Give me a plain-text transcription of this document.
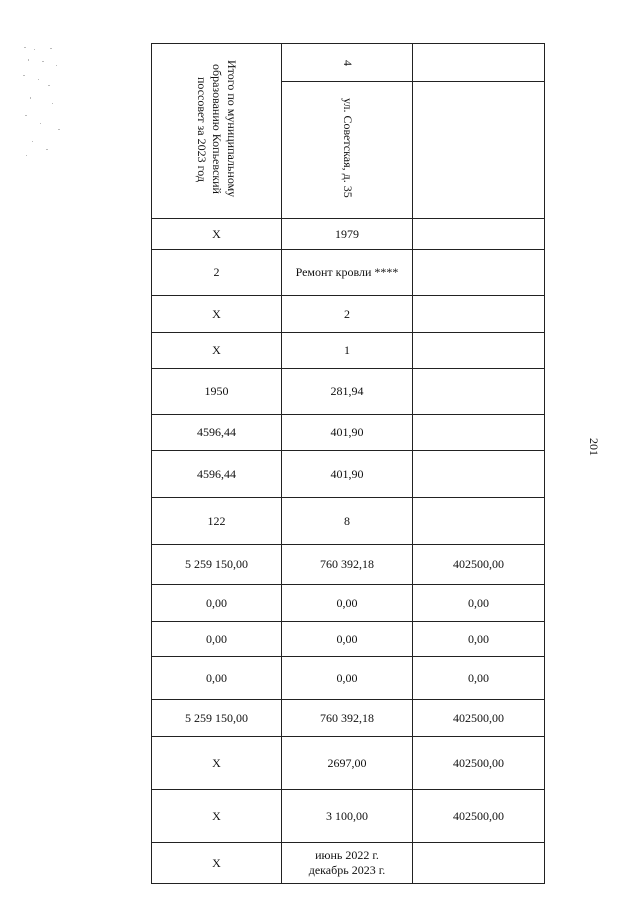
Итого по муниципальному
образованию Копьевский
поссовет за 2023 год	4	
	ул. Советская, д. 35	
Х	1979	
2	Ремонт кровли ****	
Х	2	
Х	1	
1950	281,94	
4596,44	401,90	
4596,44	401,90	
122	8	
5 259 150,00	760 392,18	402500,00
0,00	0,00	0,00
0,00	0,00	0,00
0,00	0,00	0,00
5 259 150,00	760 392,18	402500,00
Х	2697,00	402500,00
Х	3 100,00	402500,00
Х	июнь 2022 г.
декабрь 2023 г.	
201
